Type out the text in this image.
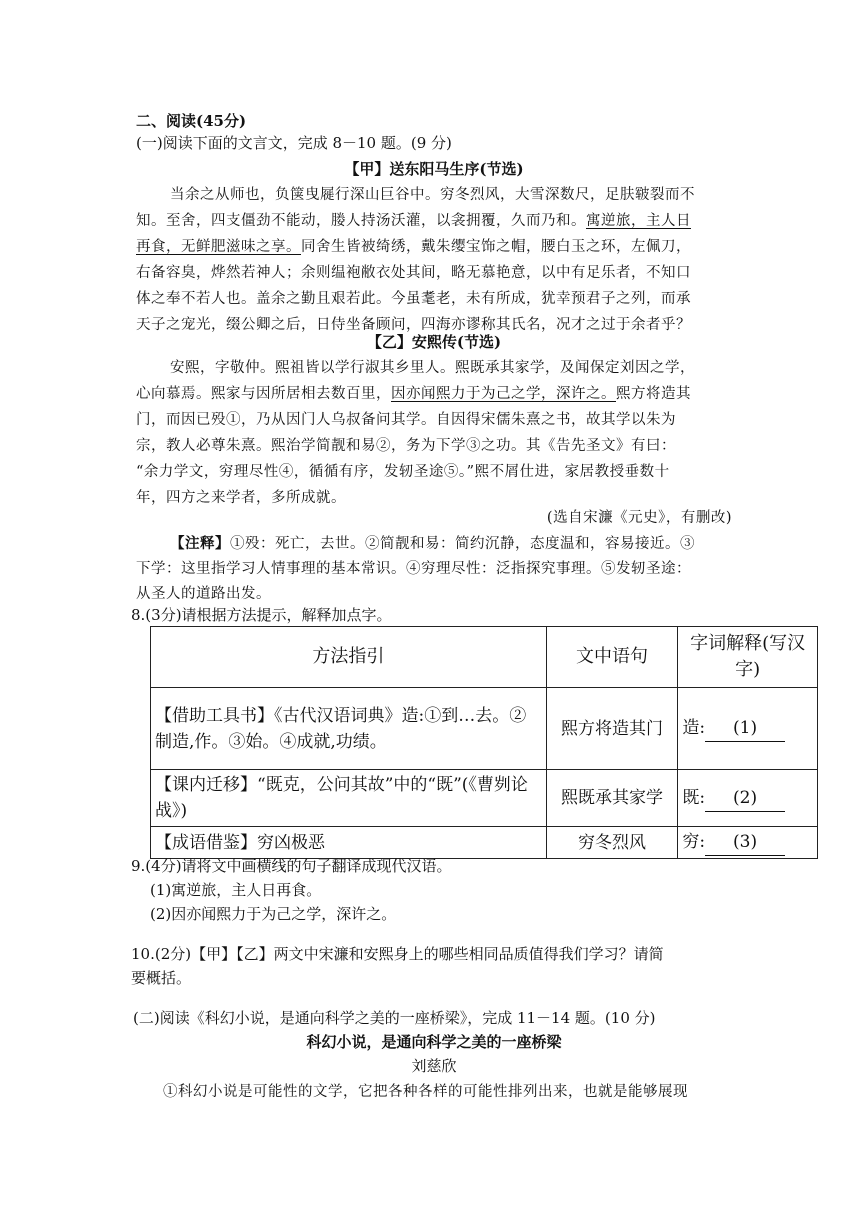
二、阅读(45分)
(一)阅读下面的文言文，完成 8－10 题。(9 分)
【甲】送东阳马生序(节选)
当余之从师也，负箧曳屣行深山巨谷中。穷冬烈风，大雪深数尺，足肤皲裂而不
知。至舍，四支僵劲不能动，媵人持汤沃灌，以衾拥覆，久而乃和。寓逆旅，主人日
再食，无鲜肥滋味之享。同舍生皆被绮绣，戴朱缨宝饰之帽，腰白玉之环，左佩刀，
右备容臭，烨然若神人；余则缊袍敝衣处其间，略无慕艳意，以中有足乐者，不知口
体之奉不若人也。盖余之勤且艰若此。今虽耄老，未有所成，犹幸预君子之列，而承
天子之宠光，缀公卿之后，日侍坐备顾问，四海亦谬称其氏名，况才之过于余者乎？
【乙】安熙传(节选)
安熙，字敬仲。熙祖皆以学行淑其乡里人。熙既承其家学，及闻保定刘因之学，
心向慕焉。熙家与因所居相去数百里，因亦闻熙力于为己之学，深许之。熙方将造其
门，而因已殁①，乃从因门人乌叔备问其学。自因得宋儒朱熹之书，故其学以朱为
宗，教人必尊朱熹。熙治学简靓和易②，务为下学③之功。其《告先圣文》有曰：
“余力学文，穷理尽性④，循循有序，发轫圣途⑤。”熙不屑仕进，家居教授垂数十
年，四方之来学者，多所成就。
(选自宋濂《元史》，有删改)
【注释】①殁：死亡，去世。②简靓和易：简约沉静，态度温和，容易接近。③
下学：这里指学习人情事理的基本常识。④穷理尽性：泛指探究事理。⑤发轫圣途：
从圣人的道路出发。
8.(3分)请根据方法提示，解释加点字。
方法指引	文中语句	字词解释(写汉字)
【借助工具书】《古代汉语词典》造:①到…去。②制造,作。③始。④成就,功绩。	熙方将造其门	造: (1)
【课内迁移】“既克，公问其故”中的“既”(《曹刿论战》)	熙既承其家学	既: (2)
【成语借鉴】穷凶极恶	穷冬烈风	穷: (3)
9.(4分)请将文中画横线的句子翻译成现代汉语。
(1)寓逆旅，主人日再食。
(2)因亦闻熙力于为己之学，深许之。
10.(2分)【甲】【乙】两文中宋濂和安熙身上的哪些相同品质值得我们学习？请简
要概括。
(二)阅读《科幻小说，是通向科学之美的一座桥梁》，完成 11－14 题。(10 分)
科幻小说，是通向科学之美的一座桥梁
刘慈欣
①科幻小说是可能性的文学，它把各种各样的可能性排列出来，也就是能够展现
